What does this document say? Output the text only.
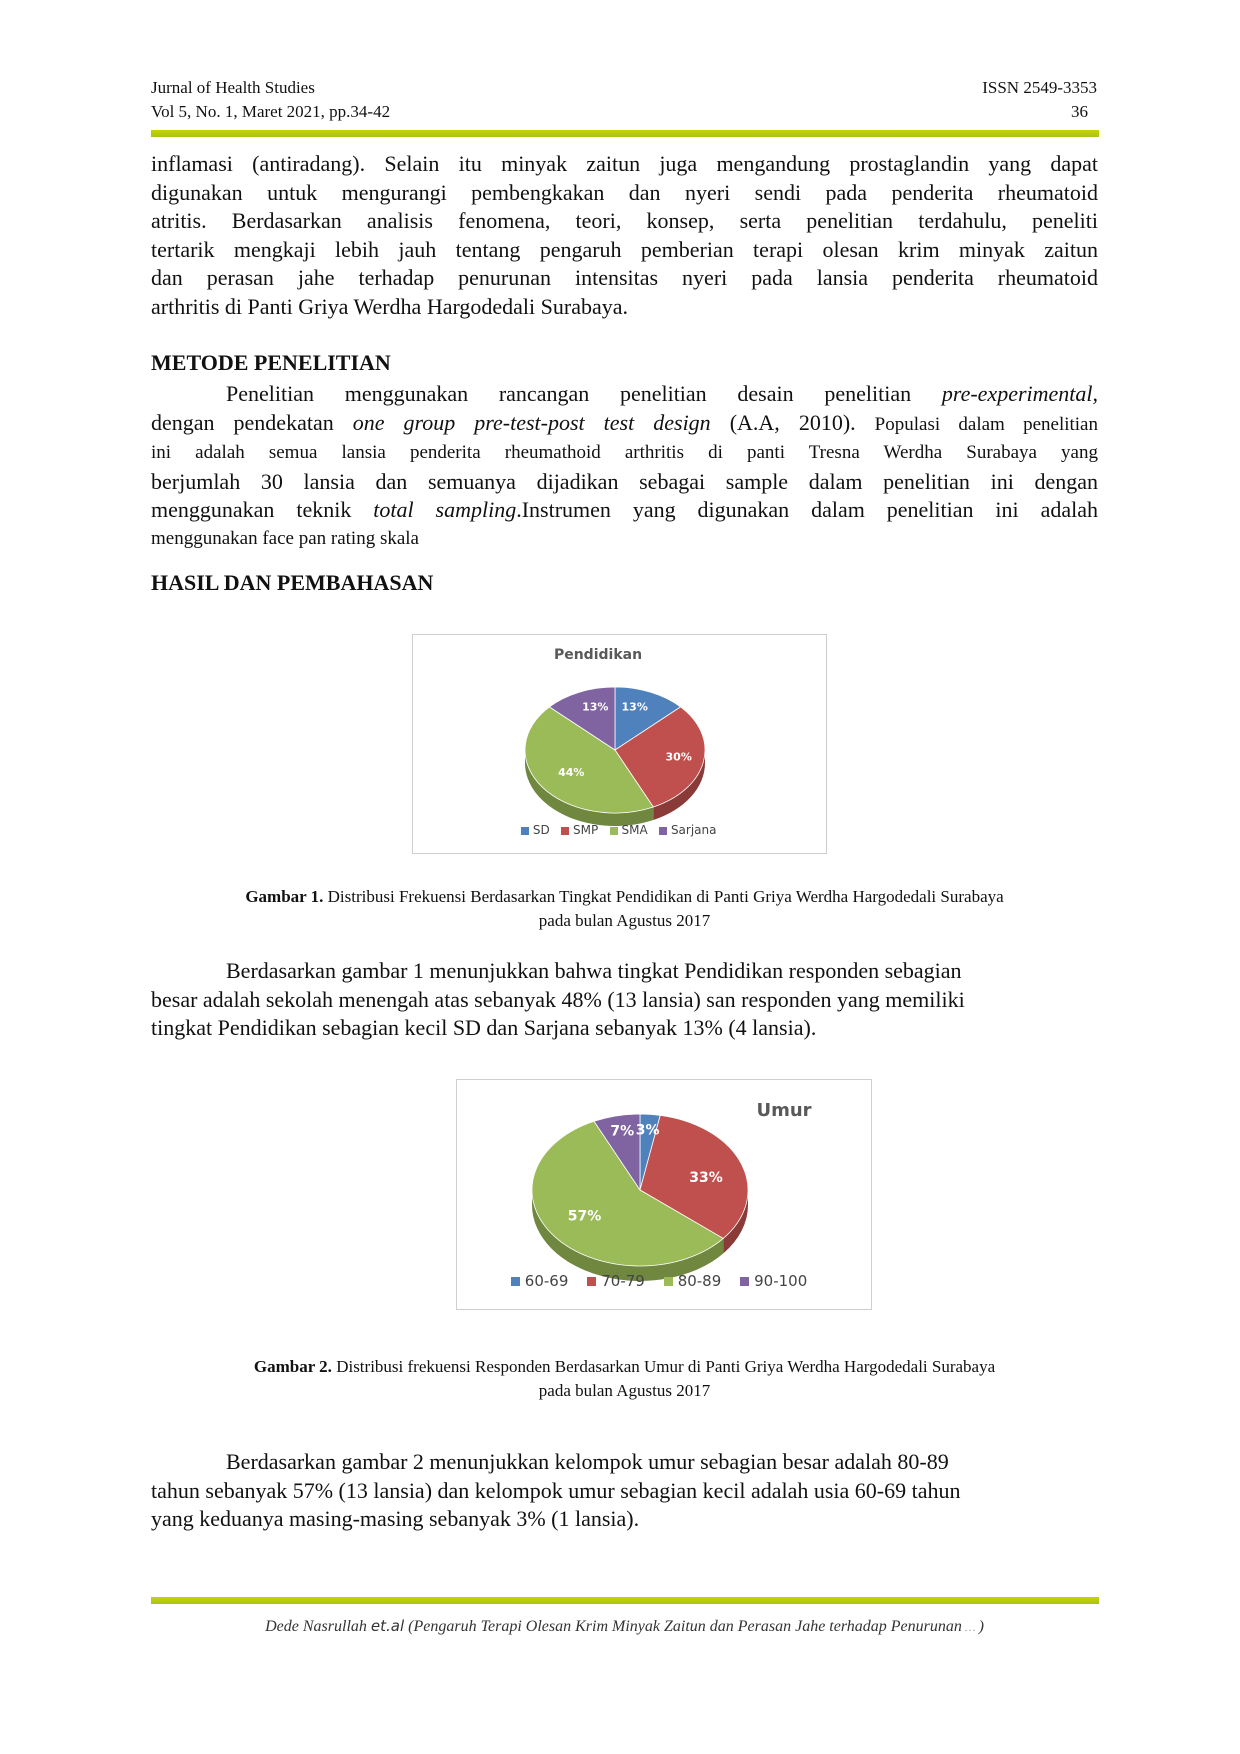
Jurnal of Health Studies
Vol 5, No. 1, Maret 2021, pp.34-42
ISSN 2549-3353
36
inflamasi (antiradang). Selain itu minyak zaitun juga mengandung prostaglandin yang dapat
digunakan untuk mengurangi pembengkakan dan nyeri sendi pada penderita rheumatoid
atritis. Berdasarkan analisis fenomena, teori, konsep, serta penelitian terdahulu, peneliti
tertarik mengkaji lebih jauh tentang pengaruh pemberian terapi olesan krim minyak zaitun
dan perasan jahe terhadap penurunan intensitas nyeri pada lansia penderita rheumatoid
arthritis di Panti Griya Werdha Hargodedali Surabaya.
METODE PENELITIAN
Penelitian menggunakan rancangan penelitian desain penelitian pre-experimental,
dengan pendekatan one group pre-test-post test design (A.A, 2010). Populasi dalam penelitian
ini adalah semua lansia penderita rheumathoid arthritis di panti Tresna Werdha Surabaya yang
berjumlah 30 lansia dan semuanya dijadikan sebagai sample dalam penelitian ini dengan
menggunakan teknik total sampling.Instrumen yang digunakan dalam penelitian ini adalah
menggunakan face pan rating skala
HASIL DAN PEMBAHASAN
Pendidikan
13%
30%
44%
13%
SD SMP SMA Sarjana
Gambar 1. Distribusi Frekuensi Berdasarkan Tingkat Pendidikan di Panti Griya Werdha Hargodedali Surabaya
pada bulan Agustus 2017
Berdasarkan gambar 1 menunjukkan bahwa tingkat Pendidikan responden sebagian
besar adalah sekolah menengah atas sebanyak 48% (13 lansia) san responden yang memiliki
tingkat Pendidikan sebagian kecil SD dan Sarjana sebanyak 13% (4 lansia).
Umur
3%
33%
57%
7%
60-69 70-79 80-89 90-100
Gambar 2. Distribusi frekuensi Responden Berdasarkan Umur di Panti Griya Werdha Hargodedali Surabaya
pada bulan Agustus 2017
Berdasarkan gambar 2 menunjukkan kelompok umur sebagian besar adalah 80-89
tahun sebanyak 57% (13 lansia) dan kelompok umur sebagian kecil adalah usia 60-69 tahun
yang keduanya masing-masing sebanyak 3% (1 lansia).
Dede Nasrullah et.al (Pengaruh Terapi Olesan Krim Minyak Zaitun dan Perasan Jahe terhadap Penurunan … )
